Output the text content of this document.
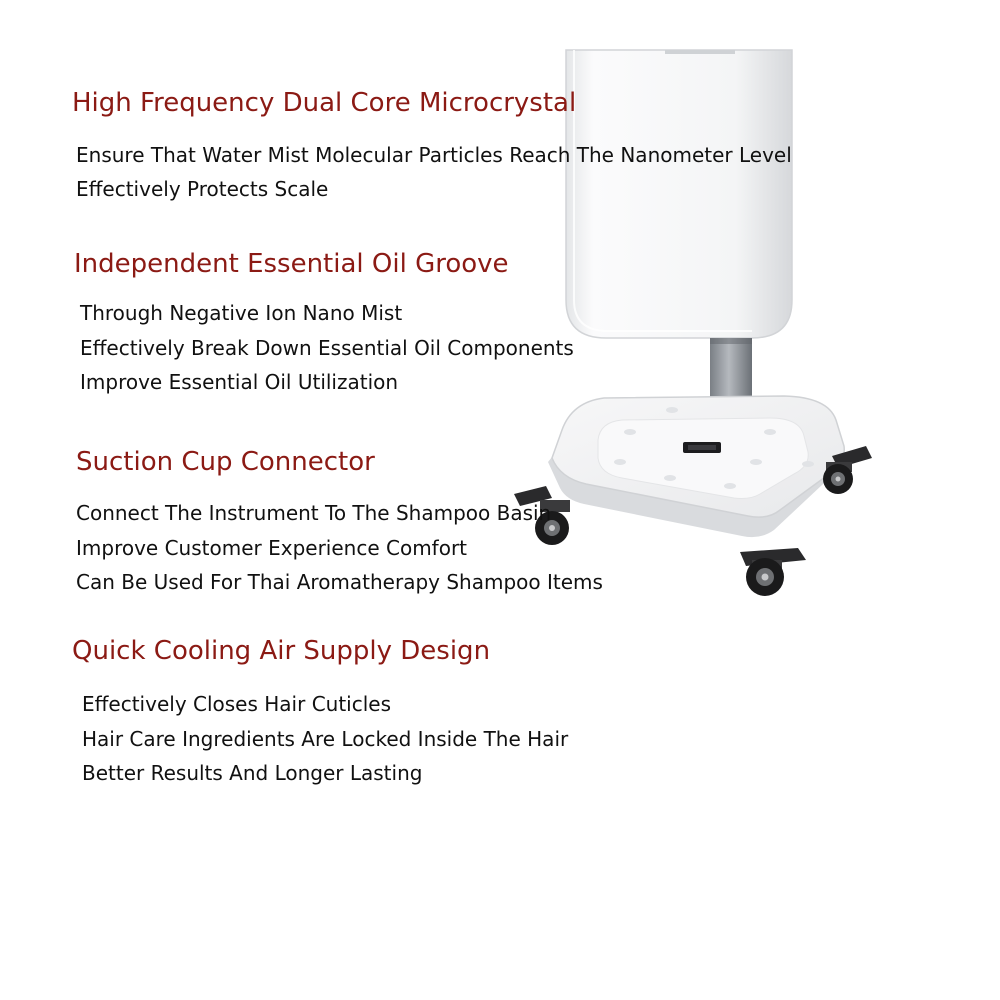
High Frequency Dual Core Microcrystal

Ensure That Water Mist Molecular Particles Reach The Nanometer Level

Effectively Protects Scale

Independent Essential Oil Groove

Through Negative Ion Nano Mist

Effectively Break Down Essential Oil Components

Improve Essential Oil Utilization

Suction Cup Connector

Connect The Instrument To The Shampoo Basin

Improve Customer Experience Comfort

Can Be Used For Thai Aromatherapy Shampoo Items

Quick Cooling Air Supply Design

Effectively Closes Hair Cuticles

Hair Care Ingredients Are Locked Inside The Hair

Better Results And Longer Lasting
